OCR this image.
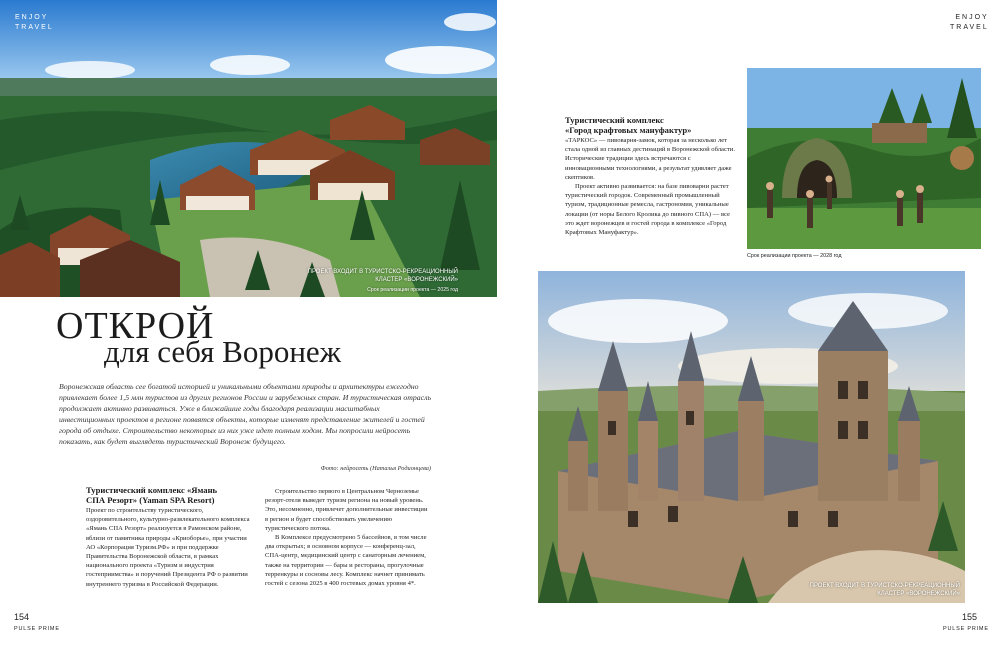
ENJOY
TRAVEL
ПРОЕКТ ВХОДИТ В ТУРИСТСКО-РЕКРЕАЦИОННЫЙ
КЛАСТЕР «ВОРОНЕЖСКИЙ»
Срок реализации проекта — 2025 год
ОТКРОЙ
для себя Воронеж
Воронежская область сее богатой историей и уникальными объектами природы и архитектуры ежегодно привлекает более 1,5 млн туристов из других регионов России и зарубежных стран. И туристическая отрасль продолжает активно развиваться. Уже в ближайшие годы благодаря реализации масштабных инвестиционных проектов в регионе появятся объекты, которые изменят представление жителей и гостей города об отдыхе. Строительство некоторых из них уже идет полным ходом. Мы попросили нейросеть показать, как будет выглядеть туристический Воронеж будущего.
Фото: нейросеть (Наталья Родионцева)
Туристический комплекс «Ямань
СПА Резорт» (Yaman SPA Resort)
Проект по строительству туристического, оздоровительного, культурно-развлекательного комплекса «Ямань СПА Резорт» реализуется в Рамонском районе, вблизи от памятника природы «Криоборье», при участии АО «Корпорация Туризм.РФ» и при поддержке Правительства Воронежской области, в рамках национального проекта «Туризм и индустрия гостеприимства» и поручений Президента РФ о развитии внутреннего туризма в Российской Федерации.

Строительство первого в Центральном Черноземье резорт-отеля выведет туризм региона на новый уровень. Это, несомненно, привлечет дополнительные инвестиции в регион и будет способствовать увеличению туристического потока.

В Комплексе предусмотрено 5 бассейнов, в том числе два открытых; в основном корпусе — конференц-зал, СПА-центр, медицинский центр с санаторным лечением, также на территории — бары и рестораны, прогулочные терренкуры и сосновы лесу. Комплекс начнет принимать гостей с сезона 2025 в 400 гостевых домах уровня 4*.

154
PULSE PRIME
ENJOY
TRAVEL
Туристический комплекс
«Город крафтовых мануфактур»

«ТАРКОС» — пивоварня-замок, которая за несколько лет стала одной из главных дестинаций в Воронежской области. Исторические традиции здесь встречаются с инновационными технологиями, а результат удивляет даже скептиков.

Проект активно развивается: на базе пивоварни растет туристический городок. Современный промышленный туризм, традиционные ремесла, гастрономия, уникальные локации (от норы Белого Кролика до пивного СПА) — все это ждет воронежцев и гостей города в комплексе «Город Крафтовых Мануфактур».

Срок реализации проекта — 2028 год
ПРОЕКТ ВХОДИТ В ТУРИСТСКО-РЕКРЕАЦИОННЫЙ
КЛАСТЕР «ВОРОНЕЖСКИЙ»
155
PULSE PRIME
